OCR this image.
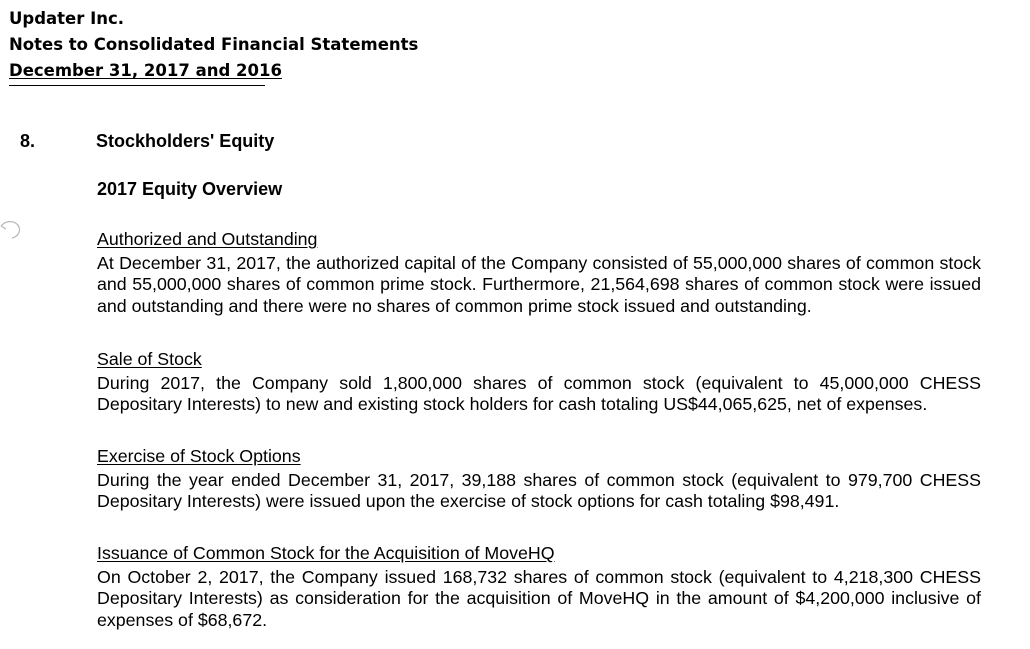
Updater Inc.
Notes to Consolidated Financial Statements
December 31, 2017 and 2016
8.	Stockholders' Equity
2017 Equity Overview
Authorized and Outstanding
At December 31, 2017, the authorized capital of the Company consisted of 55,000,000 shares of common stock and 55,000,000 shares of common prime stock. Furthermore, 21,564,698 shares of common stock were issued and outstanding and there were no shares of common prime stock issued and outstanding.
Sale of Stock
During 2017, the Company sold 1,800,000 shares of common stock (equivalent to 45,000,000 CHESS Depositary Interests) to new and existing stock holders for cash totaling US$44,065,625, net of expenses.
Exercise of Stock Options
During the year ended December 31, 2017, 39,188 shares of common stock (equivalent to 979,700 CHESS Depositary Interests) were issued upon the exercise of stock options for cash totaling $98,491.
Issuance of Common Stock for the Acquisition of MoveHQ
On October 2, 2017, the Company issued 168,732 shares of common stock (equivalent to 4,218,300 CHESS Depositary Interests) as consideration for the acquisition of MoveHQ in the amount of $4,200,000 inclusive of expenses of $68,672.
